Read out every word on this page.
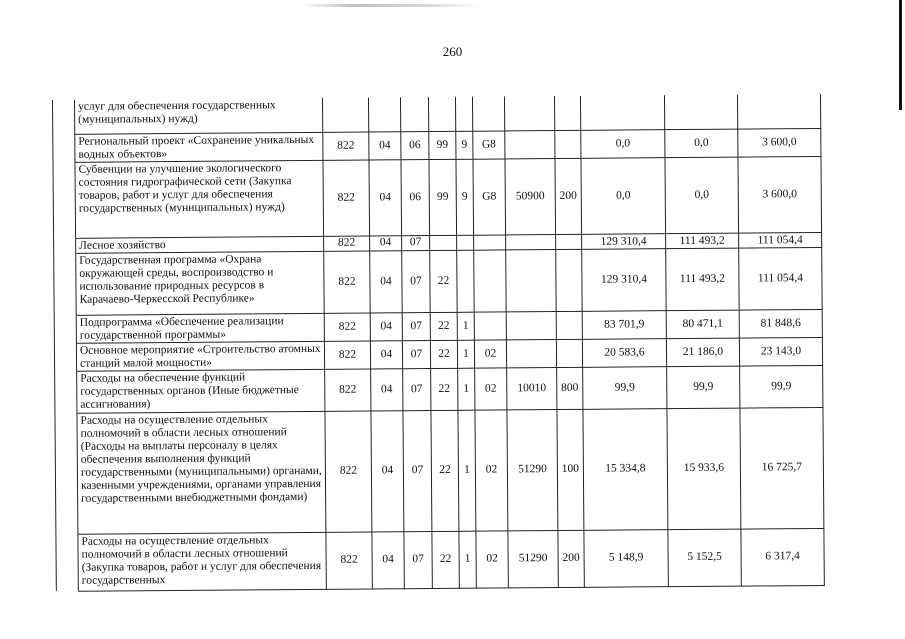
260
	услуг для обеспечения государственных (муниципальных) нужд)											
	Региональный проект «Сохранение уникальных водных объектов»	822	04	06	99	9	G8			0,0	0,0	3 600,0
	Субвенции на улучшение экологического состояния гидрографической сети (Закупка товаров, работ и услуг для обеспечения государственных (муниципальных) нужд)	822	04	06	99	9	G8	50900	200	0,0	0,0	3 600,0
	Лесное хозяйство	822	04	07						129 310,4	111 493,2	111 054,4
	Государственная программа «Охрана окружающей среды, воспроизводство и использование природных ресурсов в Карачаево-Черкесской Республике»	822	04	07	22					129 310,4	111 493,2	111 054,4
	Подпрограмма «Обеспечение реализации государственной программы»	822	04	07	22	1				83 701,9	80 471,1	81 848,6
	Основное мероприятие «Строительство атомных станций малой мощности»	822	04	07	22	1	02			20 583,6	21 186,0	23 143,0
	Расходы на обеспечение функций государственных органов (Иные бюджетные ассигнования)	822	04	07	22	1	02	10010	800	99,9	99,9	99,9
	Расходы на осуществление отдельных полномочий в области лесных отношений (Расходы на выплаты персоналу в целях обеспечения выполнения функций государственными (муниципальными) органами, казенными учреждениями, органами управления государственными внебюджетными фондами)	822	04	07	22	1	02	51290	100	15 334,8	15 933,6	16 725,7
	Расходы на осуществление отдельных полномочий в области лесных отношений (Закупка товаров, работ и услуг для обеспечения государственных	822	04	07	22	1	02	51290	200	5 148,9	5 152,5	6 317,4
